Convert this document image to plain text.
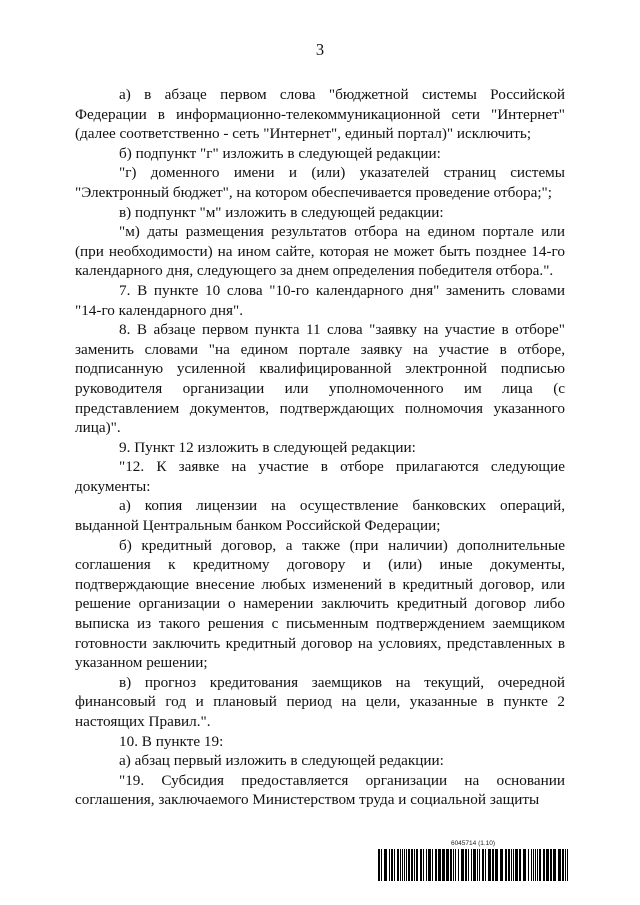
3

а) в абзаце первом слова "бюджетной системы Российской Федерации в информационно-телекоммуникационной сети "Интернет" (далее соответственно - сеть "Интернет", единый портал)" исключить;

б) подпункт "г" изложить в следующей редакции:

"г) доменного имени и (или) указателей страниц системы "Электронный бюджет", на котором обеспечивается проведение отбора;";

в) подпункт "м" изложить в следующей редакции:

"м) даты размещения результатов отбора на едином портале или (при необходимости) на ином сайте, которая не может быть позднее 14-го календарного дня, следующего за днем определения победителя отбора.".

7. В пункте 10 слова "10-го календарного дня" заменить словами "14-го календарного дня".

8. В абзаце первом пункта 11 слова "заявку на участие в отборе" заменить словами "на едином портале заявку на участие в отборе, подписанную усиленной квалифицированной электронной подписью руководителя организации или уполномоченного им лица (с представлением документов, подтверждающих полномочия указанного лица)".

9. Пункт 12 изложить в следующей редакции:

"12. К заявке на участие в отборе прилагаются следующие документы:

а) копия лицензии на осуществление банковских операций, выданной Центральным банком Российской Федерации;

б) кредитный договор, а также (при наличии) дополнительные соглашения к кредитному договору и (или) иные документы, подтверждающие внесение любых изменений в кредитный договор, или решение организации о намерении заключить кредитный договор либо выписка из такого решения с письменным подтверждением заемщиком готовности заключить кредитный договор на условиях, представленных в указанном решении;

в) прогноз кредитования заемщиков на текущий, очередной финансовый год и плановый период на цели, указанные в пункте 2 настоящих Правил.".

10. В пункте 19:

а) абзац первый изложить в следующей редакции:

"19. Субсидия предоставляется организации на основании соглашения, заключаемого Министерством труда и социальной защиты

6045714 (1.10)
